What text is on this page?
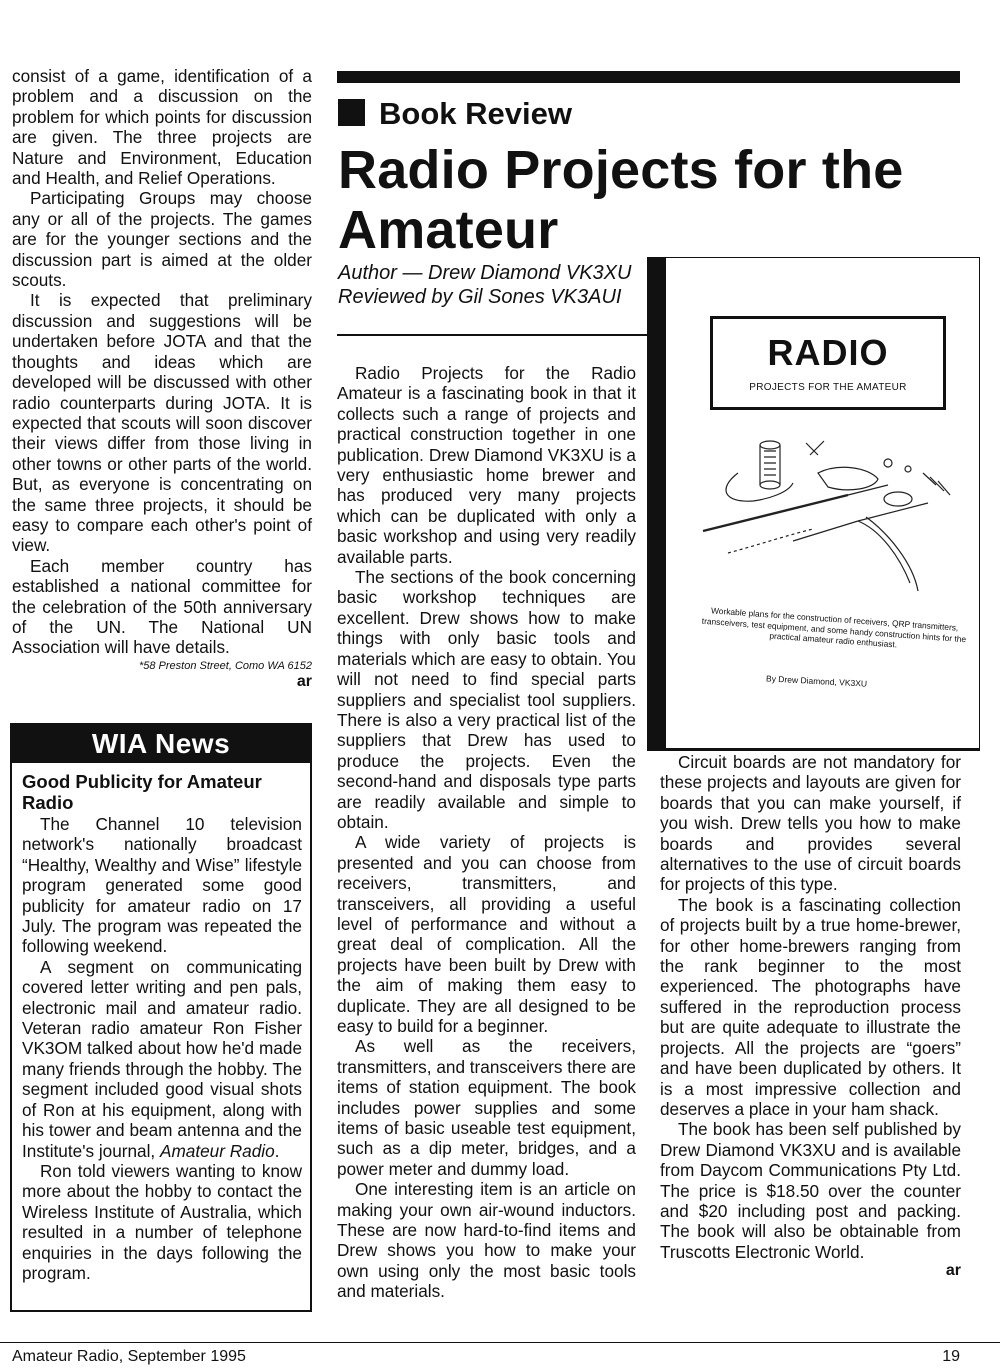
consist of a game, identification of a problem and a discussion on the problem for which points for discussion are given. The three projects are Nature and Environment, Education and Health, and Relief Operations.

Participating Groups may choose any or all of the projects. The games are for the younger sections and the discussion part is aimed at the older scouts.

It is expected that preliminary discussion and suggestions will be undertaken before JOTA and that the thoughts and ideas which are developed will be discussed with other radio counterparts during JOTA. It is expected that scouts will soon discover their views differ from those living in other towns or other parts of the world. But, as everyone is concentrating on the same three projects, it should be easy to compare each other's point of view.

Each member country has established a national committee for the celebration of the 50th anniversary of the UN. The National UN Association will have details.

*58 Preston Street, Como WA 6152

ar

WIA News
Good Publicity for Amateur Radio

The Channel 10 television network's nationally broadcast “Healthy, Wealthy and Wise” lifestyle program generated some good publicity for amateur radio on 17 July. The program was repeated the following weekend.

A segment on communicating covered letter writing and pen pals, electronic mail and amateur radio. Veteran radio amateur Ron Fisher VK3OM talked about how he'd made many friends through the hobby. The segment included good visual shots of Ron at his equipment, along with his tower and beam antenna and the Institute's journal, Amateur Radio.

Ron told viewers wanting to know more about the hobby to contact the Wireless Institute of Australia, which resulted in a number of telephone enquiries in the days following the program.

Book Review
Radio Projects for the Amateur
Author — Drew Diamond VK3XU
Reviewed by Gil Sones VK3AUI

Radio Projects for the Radio Amateur is a fascinating book in that it collects such a range of projects and practical construction together in one publication. Drew Diamond VK3XU is a very enthusiastic home brewer and has produced very many projects which can be duplicated with only a basic workshop and using very readily available parts.

The sections of the book concerning basic workshop techniques are excellent. Drew shows how to make things with only basic tools and materials which are easy to obtain. You will not need to find special parts suppliers and specialist tool suppliers. There is also a very practical list of the suppliers that Drew has used to produce the projects. Even the second-hand and disposals type parts are readily available and simple to obtain.

A wide variety of projects is presented and you can choose from receivers, transmitters, and transceivers, all providing a useful level of performance and without a great deal of complication. All the projects have been built by Drew with the aim of making them easy to duplicate. They are all designed to be easy to build for a beginner.

As well as the receivers, transmitters, and transceivers there are items of station equipment. The book includes power supplies and some items of basic useable test equipment, such as a dip meter, bridges, and a power meter and dummy load.

One interesting item is an article on making your own air-wound inductors. These are now hard-to-find items and Drew shows you how to make your own using only the most basic tools and materials.

RADIO
PROJECTS FOR THE AMATEUR
Workable plans for the construction of receivers, QRP transmitters, transceivers, test equipment, and some handy construction hints for the practical amateur radio enthusiast.
By Drew Diamond, VK3XU

Circuit boards are not mandatory for these projects and layouts are given for boards that you can make yourself, if you wish. Drew tells you how to make boards and provides several alternatives to the use of circuit boards for projects of this type.

The book is a fascinating collection of projects built by a true home-brewer, for other home-brewers ranging from the rank beginner to the most experienced. The photographs have suffered in the reproduction process but are quite adequate to illustrate the projects. All the projects are “goers” and have been duplicated by others. It is a most impressive collection and deserves a place in your ham shack.

The book has been self published by Drew Diamond VK3XU and is available from Daycom Communications Pty Ltd. The price is $18.50 over the counter and $20 including post and packing. The book will also be obtainable from Truscotts Electronic World.

ar

Amateur Radio, September 1995	19
